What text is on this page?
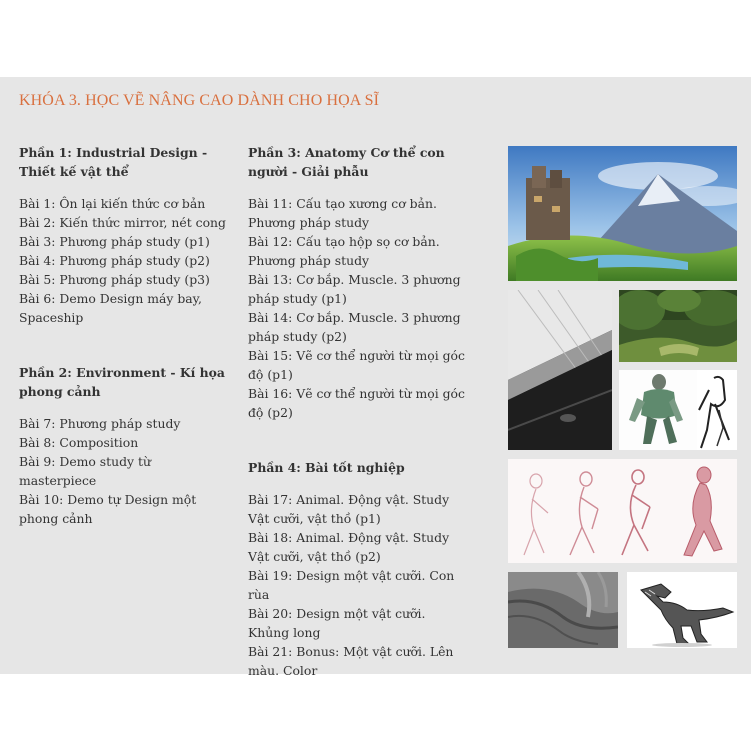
KHÓA 3. HỌC VẼ NÂNG CAO DÀNH CHO HỌA SĨ

Phần 1: Industrial Design - Thiết kế vật thể

Bài 1: Ôn lại kiến thức cơ bản
Bài 2: Kiến thức mirror, nét cong
Bài 3: Phương pháp study (p1)
Bài 4: Phương pháp study (p2)
Bài 5: Phương pháp study (p3)
Bài 6: Demo Design máy bay, Spaceship

Phần 2: Environment - Kí họa phong cảnh

Bài 7: Phương pháp study
Bài 8: Composition
Bài 9: Demo study từ masterpiece
Bài 10: Demo tự Design một phong cảnh

Phần 3: Anatomy Cơ thể con người - Giải phẫu

Bài 11: Cấu tạo xương cơ bản. Phương pháp study
Bài 12: Cấu tạo hộp sọ cơ bản. Phương pháp study
Bài 13: Cơ bắp. Muscle. 3 phương pháp study (p1)
Bài 14: Cơ bắp. Muscle. 3 phương pháp study (p2)
Bài 15: Vẽ cơ thể người từ mọi góc độ (p1)
Bài 16: Vẽ cơ thể người từ mọi góc độ (p2)

Phần 4: Bài tốt nghiệp

Bài 17: Animal. Động vật. Study Vật cưỡi, vật thồ (p1)
Bài 18: Animal. Động vật. Study Vật cưỡi, vật thồ (p2)
Bài 19: Design một vật cưỡi. Con rùa
Bài 20: Design một vật cưỡi. Khủng long
Bài 21: Bonus: Một vật cưỡi. Lên màu. Color
